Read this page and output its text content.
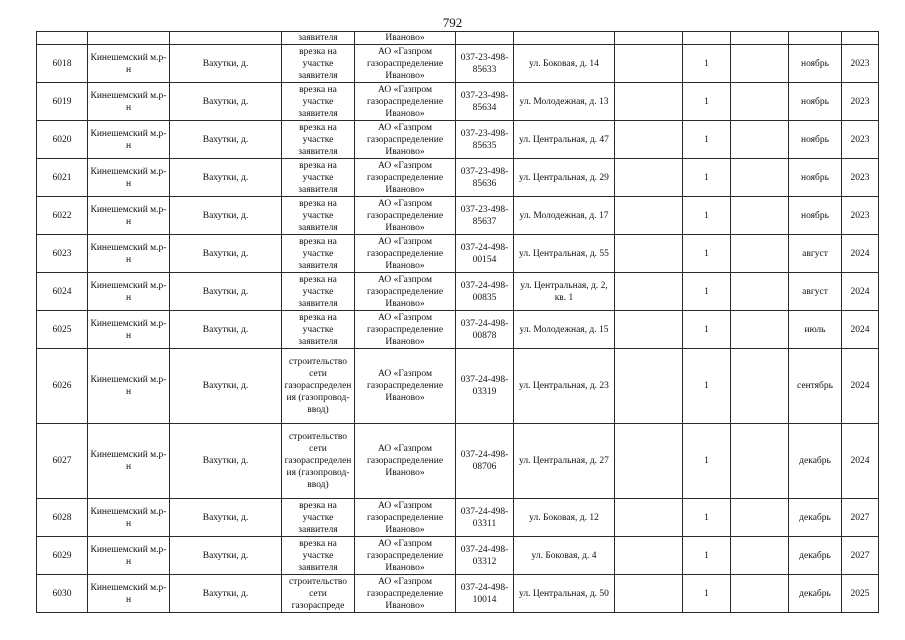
792
			заявителя	Иваново»							
6018	Кинешемский м.р-н	Вахутки, д.	врезка на участке заявителя	АО «Газпром газораспределение Иваново»	037-23-498-85633	ул. Боковая, д. 14		1		ноябрь	2023
6019	Кинешемский м.р-н	Вахутки, д.	врезка на участке заявителя	АО «Газпром газораспределение Иваново»	037-23-498-85634	ул. Молодежная, д. 13		1		ноябрь	2023
6020	Кинешемский м.р-н	Вахутки, д.	врезка на участке заявителя	АО «Газпром газораспределение Иваново»	037-23-498-85635	ул. Центральная, д. 47		1		ноябрь	2023
6021	Кинешемский м.р-н	Вахутки, д.	врезка на участке заявителя	АО «Газпром газораспределение Иваново»	037-23-498-85636	ул. Центральная, д. 29		1		ноябрь	2023
6022	Кинешемский м.р-н	Вахутки, д.	врезка на участке заявителя	АО «Газпром газораспределение Иваново»	037-23-498-85637	ул. Молодежная, д. 17		1		ноябрь	2023
6023	Кинешемский м.р-н	Вахутки, д.	врезка на участке заявителя	АО «Газпром газораспределение Иваново»	037-24-498-00154	ул. Центральная, д. 55		1		август	2024
6024	Кинешемский м.р-н	Вахутки, д.	врезка на участке заявителя	АО «Газпром газораспределение Иваново»	037-24-498-00835	ул. Центральная, д. 2, кв. 1		1		август	2024
6025	Кинешемский м.р-н	Вахутки, д.	врезка на участке заявителя	АО «Газпром газораспределение Иваново»	037-24-498-00878	ул. Молодежная, д. 15		1		июль	2024
6026	Кинешемский м.р-н	Вахутки, д.	строительство сети газораспределения (газопровод-ввод)	АО «Газпром газораспределение Иваново»	037-24-498-03319	ул. Центральная, д. 23		1		сентябрь	2024
6027	Кинешемский м.р-н	Вахутки, д.	строительство сети газораспределения (газопровод-ввод)	АО «Газпром газораспределение Иваново»	037-24-498-08706	ул. Центральная, д. 27		1		декабрь	2024
6028	Кинешемский м.р-н	Вахутки, д.	врезка на участке заявителя	АО «Газпром газораспределение Иваново»	037-24-498-03311	ул. Боковая, д. 12		1		декабрь	2027
6029	Кинешемский м.р-н	Вахутки, д.	врезка на участке заявителя	АО «Газпром газораспределение Иваново»	037-24-498-03312	ул. Боковая, д. 4		1		декабрь	2027
6030	Кинешемский м.р-н	Вахутки, д.	строительство сети газораспреде	АО «Газпром газораспределение Иваново»	037-24-498-10014	ул. Центральная, д. 50		1		декабрь	2025
